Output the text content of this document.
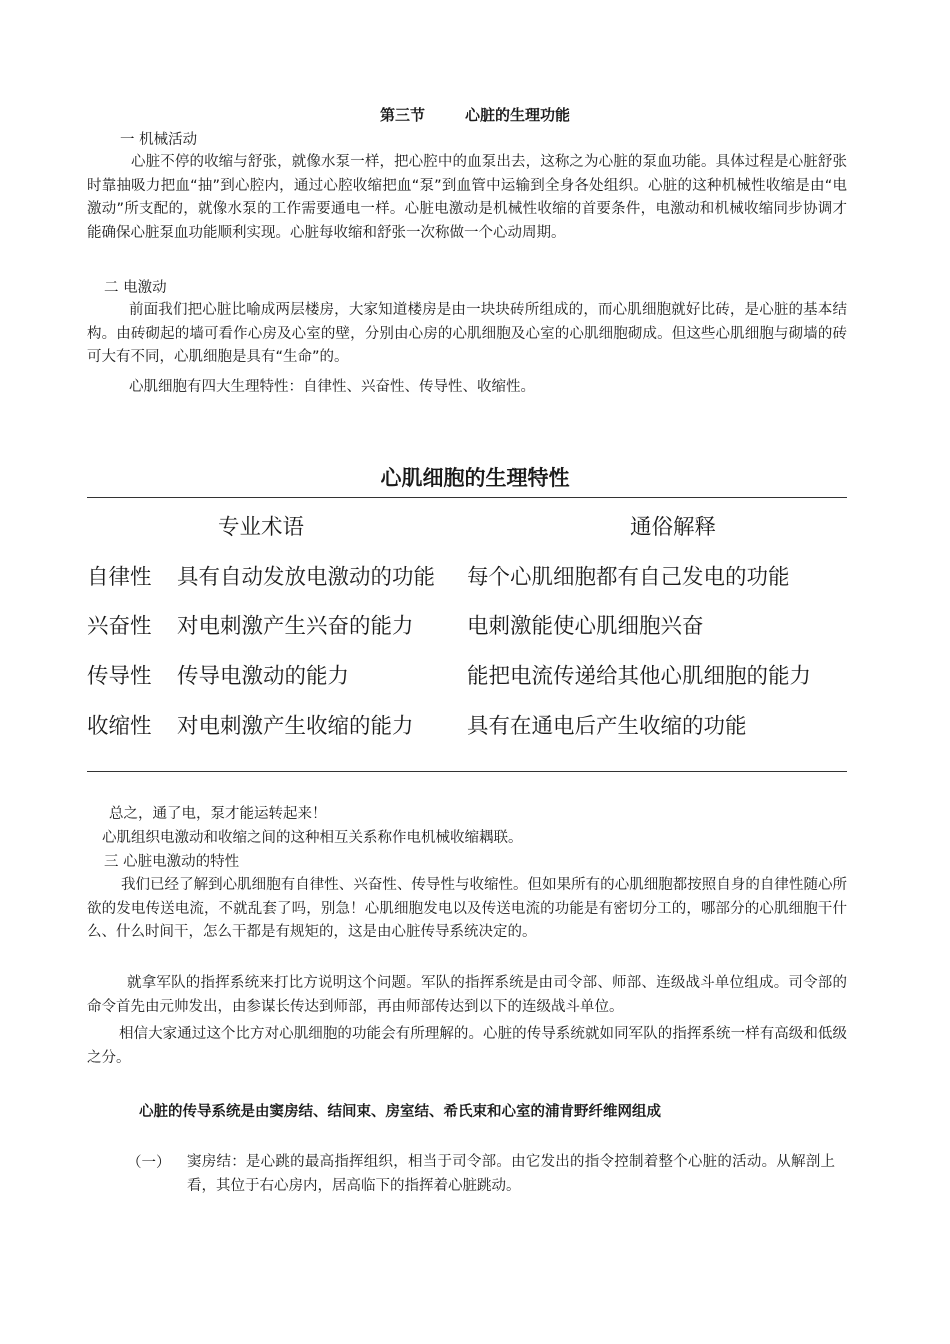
第三节	心脏的生理功能
一 机械活动
心脏不停的收缩与舒张，就像水泵一样，把心腔中的血泵出去，这称之为心脏的泵血功能。具体过程是心脏舒张时靠抽吸力把血“抽”到心腔内，通过心腔收缩把血“泵”到血管中运输到全身各处组织。心脏的这种机械性收缩是由“电激动”所支配的，就像水泵的工作需要通电一样。心脏电激动是机械性收缩的首要条件，电激动和机械收缩同步协调才能确保心脏泵血功能顺利实现。心脏每收缩和舒张一次称做一个心动周期。
二 电激动
前面我们把心脏比喻成两层楼房，大家知道楼房是由一块块砖所组成的，而心肌细胞就好比砖，是心脏的基本结构。由砖砌起的墙可看作心房及心室的壁，分别由心房的心肌细胞及心室的心肌细胞砌成。但这些心肌细胞与砌墙的砖可大有不同，心肌细胞是具有“生命”的。
心肌细胞有四大生理特性：自律性、兴奋性、传导性、收缩性。
心肌细胞的生理特性
专业术语	通俗解释
自律性 具有自动发放电激动的功能 每个心肌细胞都有自己发电的功能
兴奋性 对电刺激产生兴奋的能力 电刺激能使心肌细胞兴奋
传导性 传导电激动的能力	能把电流传递给其他心肌细胞的能力
收缩性 对电刺激产生收缩的能力 具有在通电后产生收缩的功能
总之，通了电，泵才能运转起来！
心肌组织电激动和收缩之间的这种相互关系称作电机械收缩耦联。
三 心脏电激动的特性
我们已经了解到心肌细胞有自律性、兴奋性、传导性与收缩性。但如果所有的心肌细胞都按照自身的自律性随心所欲的发电传送电流，不就乱套了吗，别急！心肌细胞发电以及传送电流的功能是有密切分工的，哪部分的心肌细胞干什么、什么时间干，怎么干都是有规矩的，这是由心脏传导系统决定的。
就拿军队的指挥系统来打比方说明这个问题。军队的指挥系统是由司令部、师部、连级战斗单位组成。司令部的命令首先由元帅发出，由参谋长传达到师部，再由师部传达到以下的连级战斗单位。
相信大家通过这个比方对心肌细胞的功能会有所理解的。心脏的传导系统就如同军队的指挥系统一样有高级和低级之分。
心脏的传导系统是由窦房结、结间束、房室结、希氏束和心室的浦肯野纤维网组成
（一） 窦房结：是心跳的最高指挥组织，相当于司令部。由它发出的指令控制着整个心脏的活动。从解剖上看，其位于右心房内，居高临下的指挥着心脏跳动。
